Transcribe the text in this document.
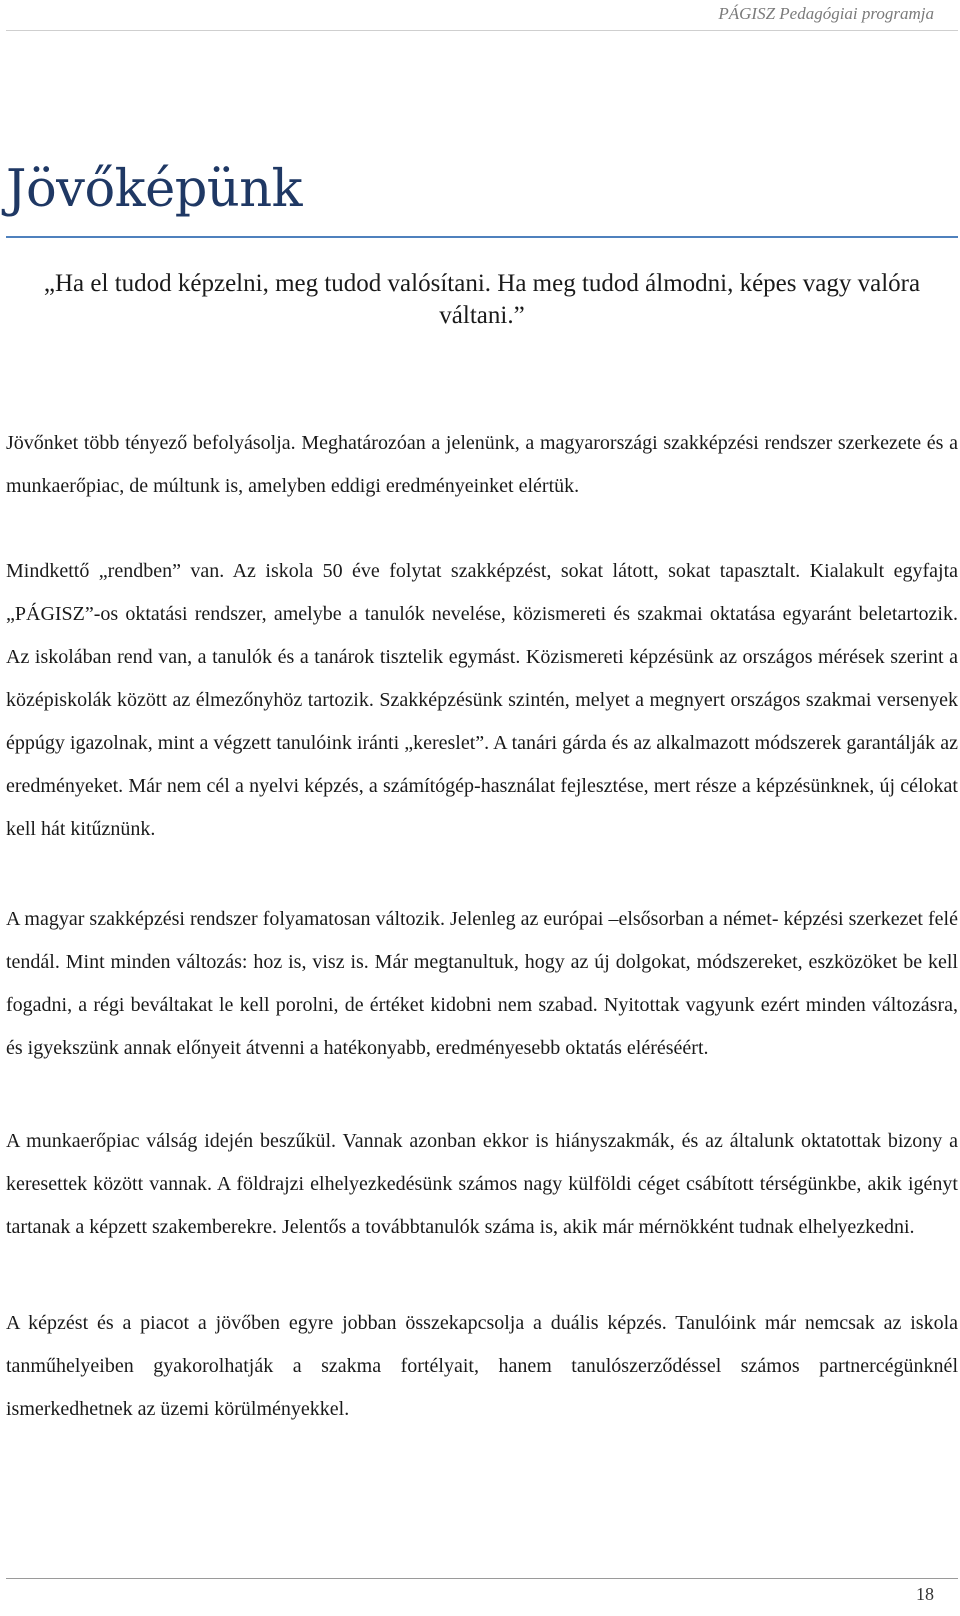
PÁGISZ Pedagógiai programja
Jövőképünk

„Ha el tudod képzelni, meg tudod valósítani. Ha meg tudod álmodni, képes vagy valóra váltani.”

Jövőnket több tényező befolyásolja. Meghatározóan a jelenünk, a magyarországi szakképzési rendszer szerkezete és a munkaerőpiac, de múltunk is, amelyben eddigi eredményeinket elértük.

Mindkettő „rendben” van. Az iskola 50 éve folytat szakképzést, sokat látott, sokat tapasztalt. Kialakult egyfajta „PÁGISZ”-os oktatási rendszer, amelybe a tanulók nevelése, közismereti és szakmai oktatása egyaránt beletartozik. Az iskolában rend van, a tanulók és a tanárok tisztelik egymást. Közismereti képzésünk az országos mérések szerint a középiskolák között az élmezőnyhöz tartozik. Szakképzésünk szintén, melyet a megnyert országos szakmai versenyek éppúgy igazolnak, mint a végzett tanulóink iránti „kereslet”. A tanári gárda és az alkalmazott módszerek garantálják az eredményeket. Már nem cél a nyelvi képzés, a számítógép-használat fejlesztése, mert része a képzésünknek, új célokat kell hát kitűznünk.

A magyar szakképzési rendszer folyamatosan változik. Jelenleg az európai –elsősorban a német- képzési szerkezet felé tendál. Mint minden változás: hoz is, visz is. Már megtanultuk, hogy az új dolgokat, módszereket, eszközöket be kell fogadni, a régi beváltakat le kell porolni, de értéket kidobni nem szabad. Nyitottak vagyunk ezért minden változásra, és igyekszünk annak előnyeit átvenni a hatékonyabb, eredményesebb oktatás eléréséért.

A munkaerőpiac válság idején beszűkül. Vannak azonban ekkor is hiányszakmák, és az általunk oktatottak bizony a keresettek között vannak. A földrajzi elhelyezkedésünk számos nagy külföldi céget csábított térségünkbe, akik igényt tartanak a képzett szakemberekre. Jelentős a továbbtanulók száma is, akik már mérnökként tudnak elhelyezkedni.

A képzést és a piacot a jövőben egyre jobban összekapcsolja a duális képzés. Tanulóink már nemcsak az iskola tanműhelyeiben gyakorolhatják a szakma fortélyait, hanem tanulószerződéssel számos partnercégünknél ismerkedhetnek az üzemi körülményekkel.

18
